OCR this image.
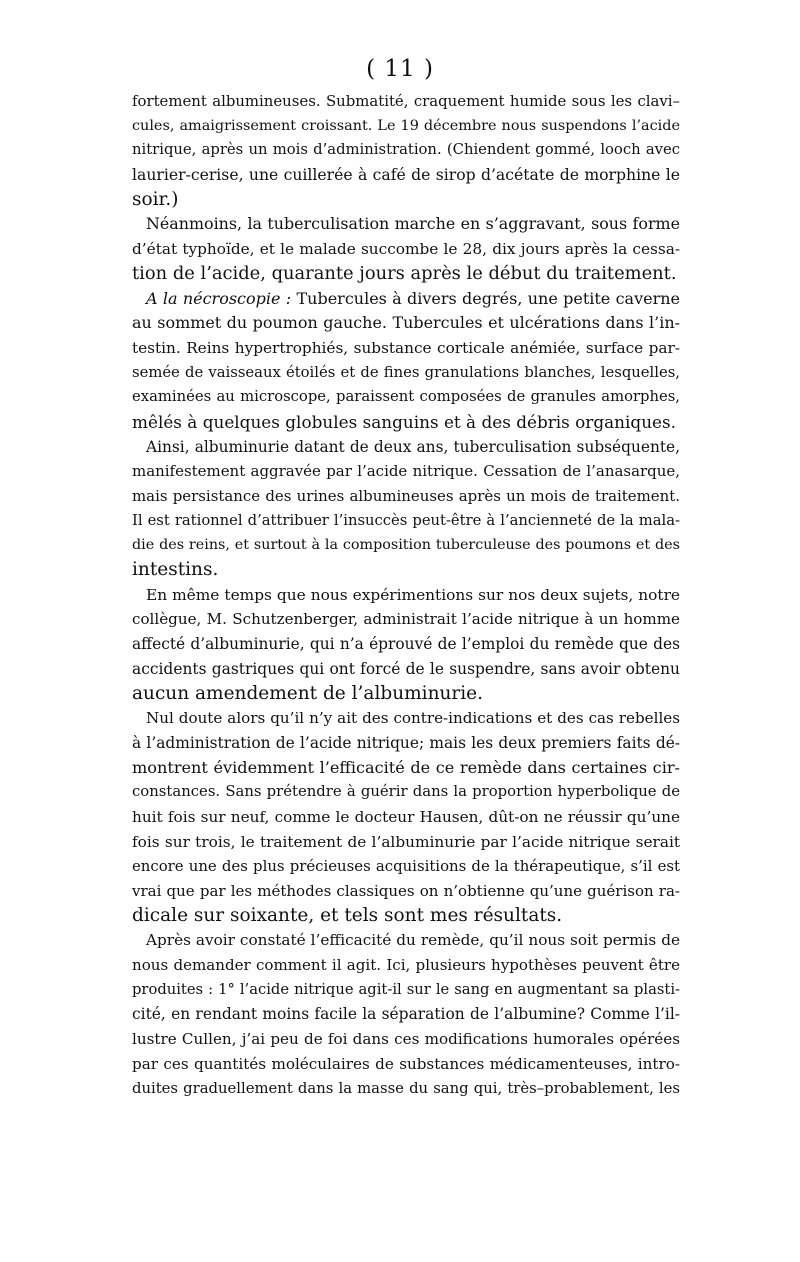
( 11 )
fortement albumineuses. Submatité, craquement humide sous les clavi–
cules, amaigrissement croissant. Le 19 décembre nous suspendons l’acide
nitrique, après un mois d’administration. (Chiendent gommé, looch avec
laurier-cerise, une cuillerée à café de sirop d’acétate de morphine le
soir.)
Néanmoins, la tuberculisation marche en s’aggravant, sous forme
d’état typhoïde, et le malade succombe le 28, dix jours après la cessa-
tion de l’acide, quarante jours après le début du traitement.
A la nécroscopie : Tubercules à divers degrés, une petite caverne
au sommet du poumon gauche. Tubercules et ulcérations dans l’in-
testin. Reins hypertrophiés, substance corticale anémiée, surface par-
semée de vaisseaux étoilés et de fines granulations blanches, lesquelles,
examinées au microscope, paraissent composées de granules amorphes,
mêlés à quelques globules sanguins et à des débris organiques.
Ainsi, albuminurie datant de deux ans, tuberculisation subséquente,
manifestement aggravée par l’acide nitrique. Cessation de l’anasarque,
mais persistance des urines albumineuses après un mois de traitement.
Il est rationnel d’attribuer l’insuccès peut-être à l’ancienneté de la mala-
die des reins, et surtout à la composition tuberculeuse des poumons et des
intestins.
En même temps que nous expérimentions sur nos deux sujets, notre
collègue, M. Schutzenberger, administrait l’acide nitrique à un homme
affecté d’albuminurie, qui n’a éprouvé de l’emploi du remède que des
accidents gastriques qui ont forcé de le suspendre, sans avoir obtenu
aucun amendement de l’albuminurie.
Nul doute alors qu’il n’y ait des contre-indications et des cas rebelles
à l’administration de l’acide nitrique; mais les deux premiers faits dé-
montrent évidemment l’efficacité de ce remède dans certaines cir-
constances. Sans prétendre à guérir dans la proportion hyperbolique de
huit fois sur neuf, comme le docteur Hausen, dût-on ne réussir qu’une
fois sur trois, le traitement de l’albuminurie par l’acide nitrique serait
encore une des plus précieuses acquisitions de la thérapeutique, s’il est
vrai que par les méthodes classiques on n’obtienne qu’une guérison ra-
dicale sur soixante, et tels sont mes résultats.
Après avoir constaté l’efficacité du remède, qu’il nous soit permis de
nous demander comment il agit. Ici, plusieurs hypothèses peuvent être
produites : 1° l’acide nitrique agit-il sur le sang en augmentant sa plasti-
cité, en rendant moins facile la séparation de l’albumine? Comme l’il-
lustre Cullen, j’ai peu de foi dans ces modifications humorales opérées
par ces quantités moléculaires de substances médicamenteuses, intro-
duites graduellement dans la masse du sang qui, très–probablement, les
